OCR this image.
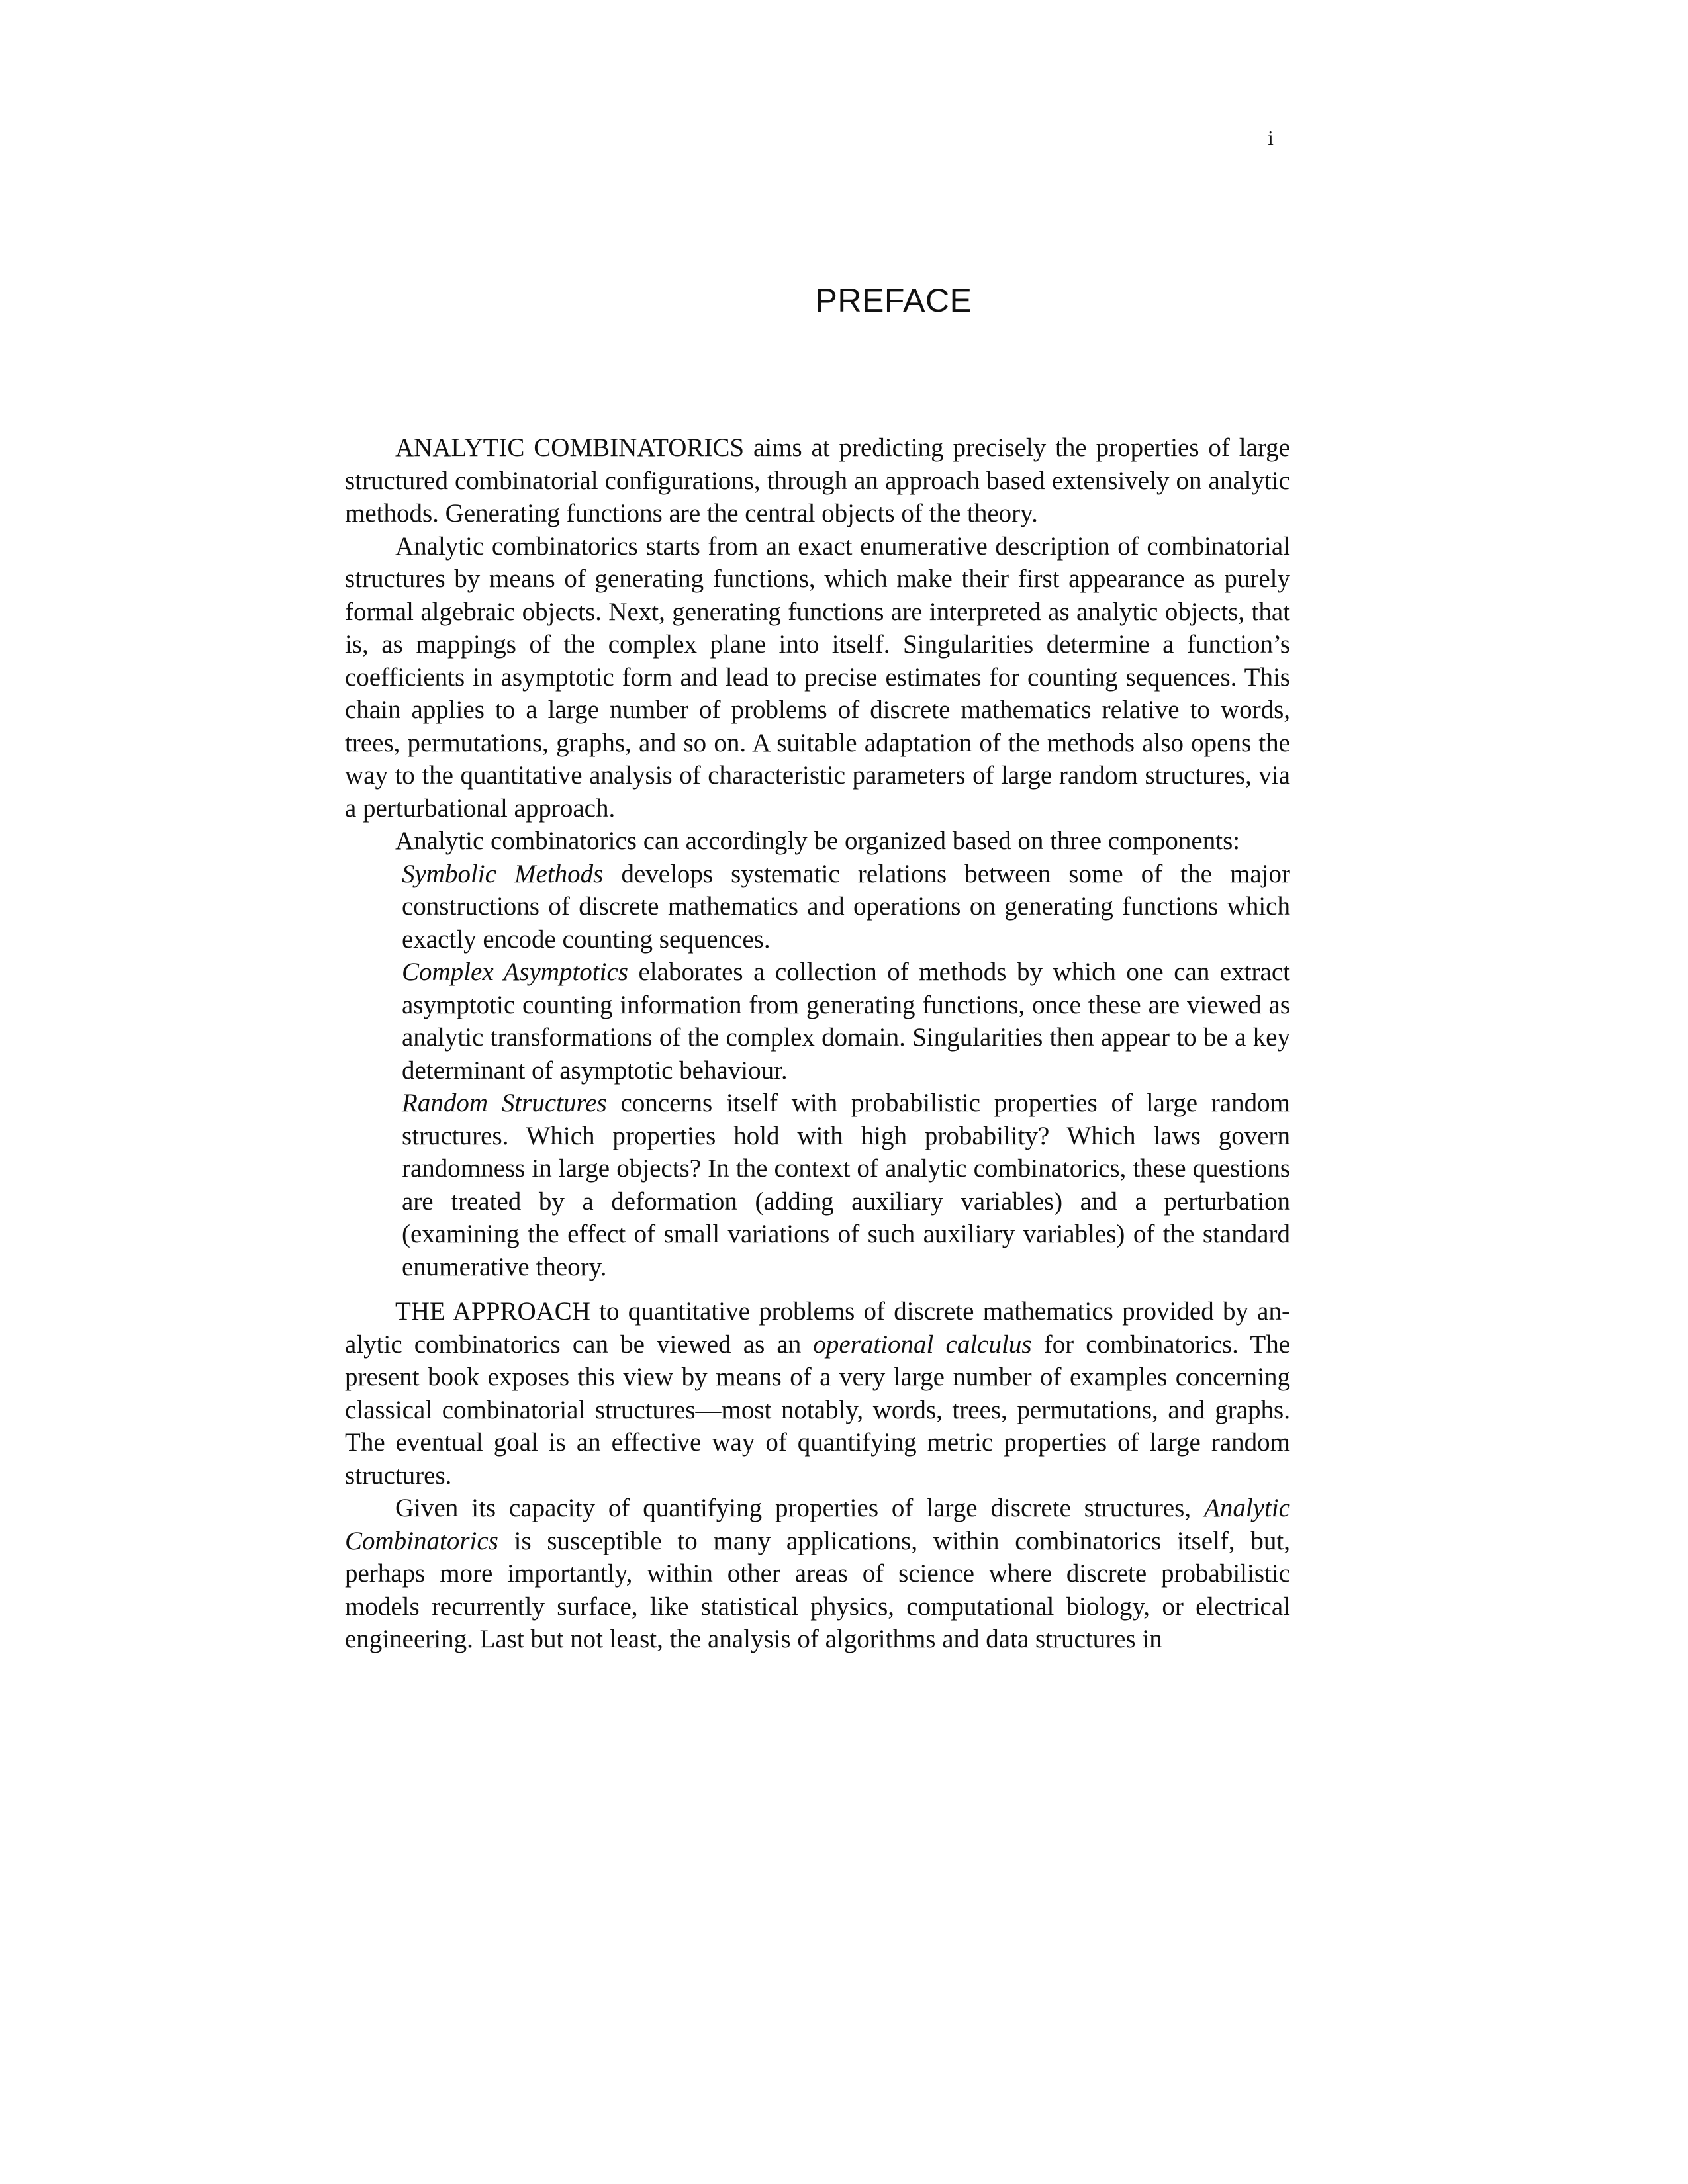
i
PREFACE

ANALYTIC COMBINATORICS aims at predicting precisely the properties of large structured combinatorial configurations, through an approach based extensively on analytic methods. Generating functions are the central objects of the theory.

Analytic combinatorics starts from an exact enumerative description of combinatorial structures by means of generating functions, which make their first appearance as purely formal algebraic objects. Next, generating functions are interpreted as analytic objects, that is, as mappings of the complex plane into itself. Singularities determine a function’s coefficients in asymptotic form and lead to precise estimates for counting sequences. This chain applies to a large number of problems of discrete mathematics relative to words, trees, permutations, graphs, and so on. A suitable adaptation of the methods also opens the way to the quantitative analysis of characteristic parameters of large random structures, via a perturbational approach.

Analytic combinatorics can accordingly be organized based on three components:

Symbolic Methods develops systematic relations between some of the major constructions of discrete mathematics and operations on generating functions which exactly encode counting sequences.

Complex Asymptotics elaborates a collection of methods by which one can extract asymptotic counting information from generating functions, once these are viewed as analytic transformations of the complex domain. Singularities then appear to be a key determinant of asymptotic behaviour.

Random Structures concerns itself with probabilistic properties of large random structures. Which properties hold with high probability? Which laws govern randomness in large objects? In the context of analytic combinatorics, these questions are treated by a deformation (adding auxiliary variables) and a perturbation (examining the effect of small variations of such auxiliary variables) of the standard enumerative theory.

THE APPROACH to quantitative problems of discrete mathematics provided by analytic combinatorics can be viewed as an operational calculus for combinatorics. The present book exposes this view by means of a very large number of examples concerning classical combinatorial structures—most notably, words, trees, permutations, and graphs. The eventual goal is an effective way of quantifying metric properties of large random structures.

Given its capacity of quantifying properties of large discrete structures, Analytic Combinatorics is susceptible to many applications, within combinatorics itself, but, perhaps more importantly, within other areas of science where discrete probabilistic models recurrently surface, like statistical physics, computational biology, or electrical engineering. Last but not least, the analysis of algorithms and data structures in
